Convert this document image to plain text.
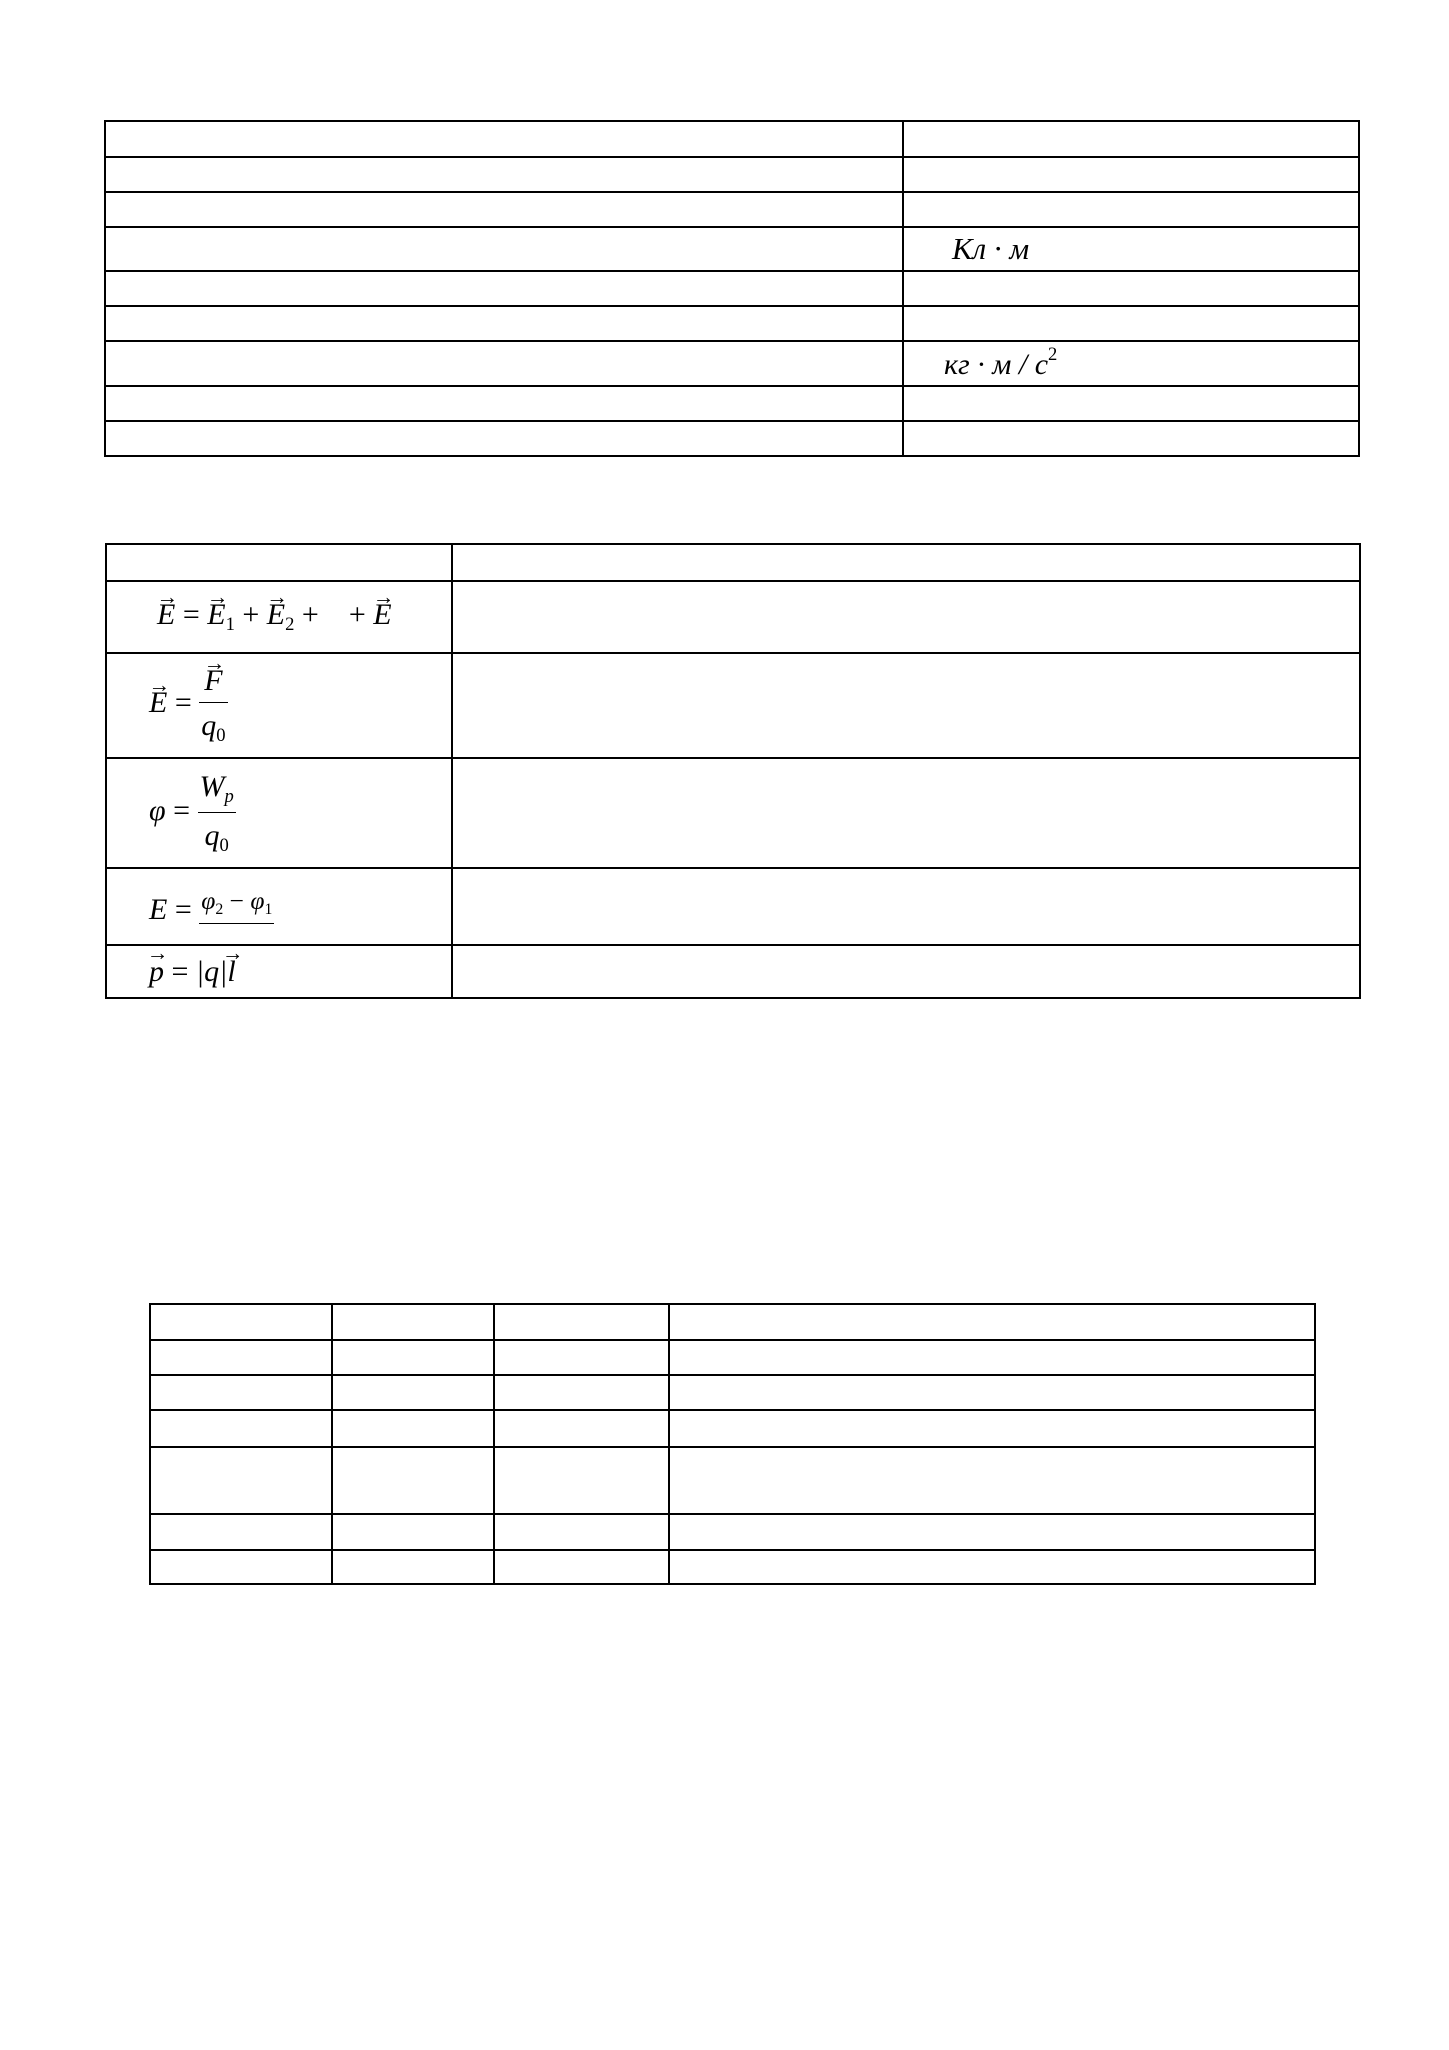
	Кл · м

	кг · м / $с^2$

→ E = → $E_1$ + → $E_2$ +    + → E	
→ E =
→ $\frac{F}{q_0}$

$\varphi = \frac{Wp}{q_0}$

$E = \varphi_2 - \varphi_1$

→ p = |q|→ l	
